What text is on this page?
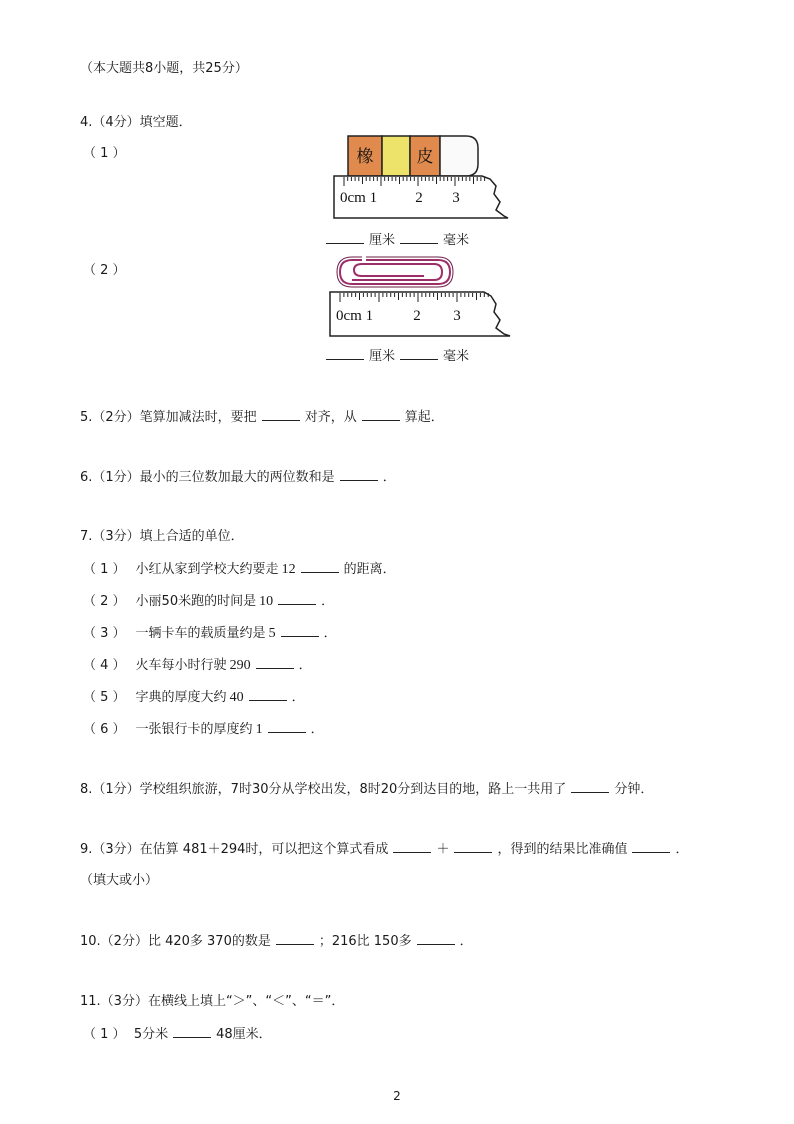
（本大题共8小题，共25分）
4.（4分）填空题．
（ 1 ）	橡	皮
0cm 1	2 3
厘米	毫米
（ 2 ）
0cm 1	2 3
厘米	毫米
5.（2分）笔算加减法时，要把	对齐，从	算起．
6.（1分）最小的三位数加最大的两位数和是	．
7.（3分）填上合适的单位．
（ 1 ） 小红从家到学校大约要走 12	的距离．
（ 2 ） 小丽50米跑的时间是 10	．
（ 3 ） 一辆卡车的载质量约是 5	．
（ 4 ） 火车每小时行驶 290	．
（ 5 ） 字典的厚度大约 40	．
（ 6 ） 一张银行卡的厚度约 1	．
8.（1分）学校组织旅游，7时30分从学校出发，8时20分到达目的地，路上一共用了	分钟．
9.（3分）在估算 481＋294时，可以把这个算式看成	＋	，得到的结果比准确值	．
（填大或小）
10.（2分）比 420多 370的数是	；216比 150多	．
11.（3分）在横线上填上“＞”、“＜”、“＝”．
（ 1 ） 5分米	48厘米．
2
